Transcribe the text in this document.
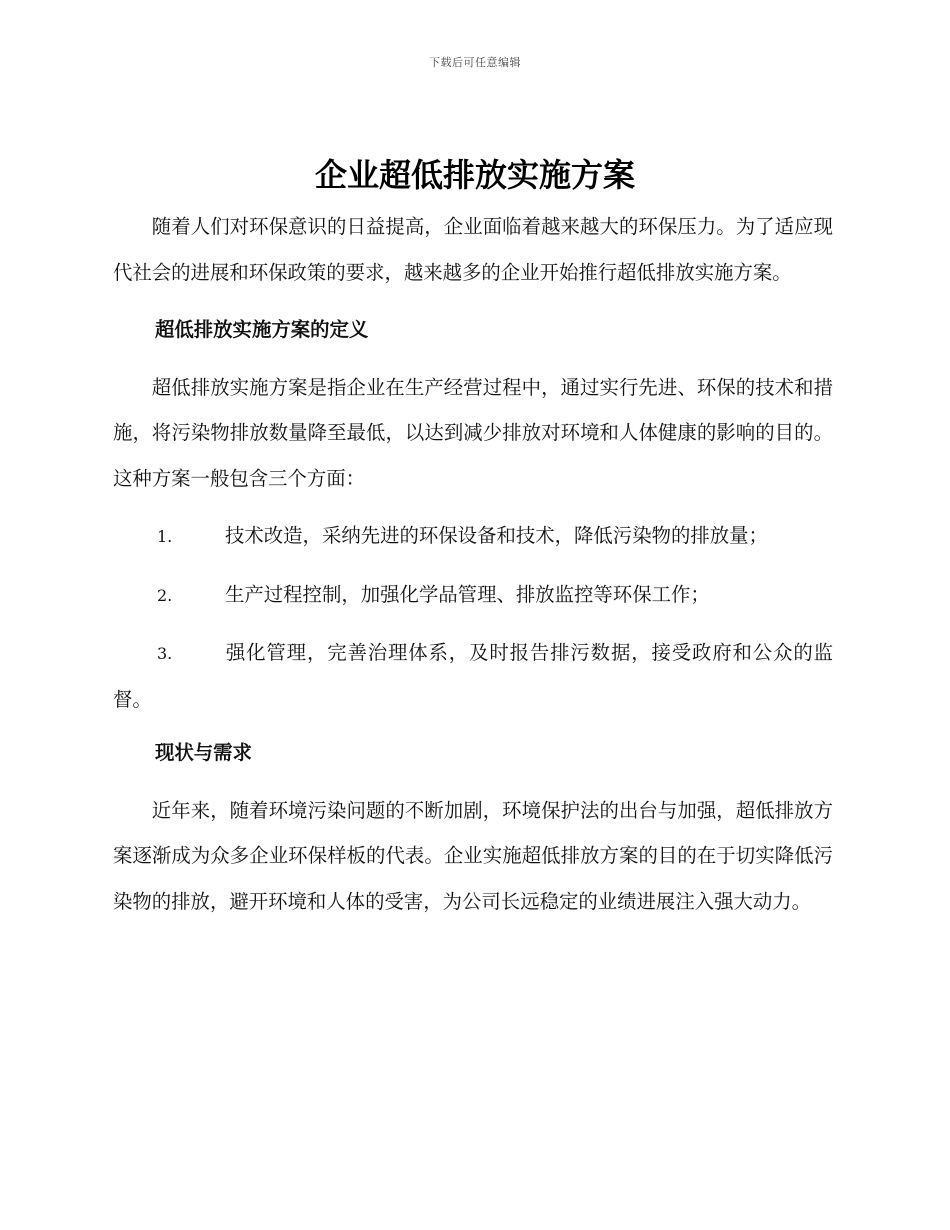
下载后可任意编辑
企业超低排放实施方案

随着人们对环保意识的日益提高，企业面临着越来越大的环保压力。为了适应现代社会的进展和环保政策的要求，越来越多的企业开始推行超低排放实施方案。

超低排放实施方案的定义

超低排放实施方案是指企业在生产经营过程中，通过实行先进、环保的技术和措施，将污染物排放数量降至最低，以达到减少排放对环境和人体健康的影响的目的。这种方案一般包含三个方面：

1.	技术改造，采纳先进的环保设备和技术，降低污染物的排放量；

2.	生产过程控制，加强化学品管理、排放监控等环保工作；

3.	强化管理，完善治理体系，及时报告排污数据，接受政府和公众的监督。

现状与需求

近年来，随着环境污染问题的不断加剧，环境保护法的出台与加强，超低排放方案逐渐成为众多企业环保样板的代表。企业实施超低排放方案的目的在于切实降低污染物的排放，避开环境和人体的受害，为公司长远稳定的业绩进展注入强大动力。
